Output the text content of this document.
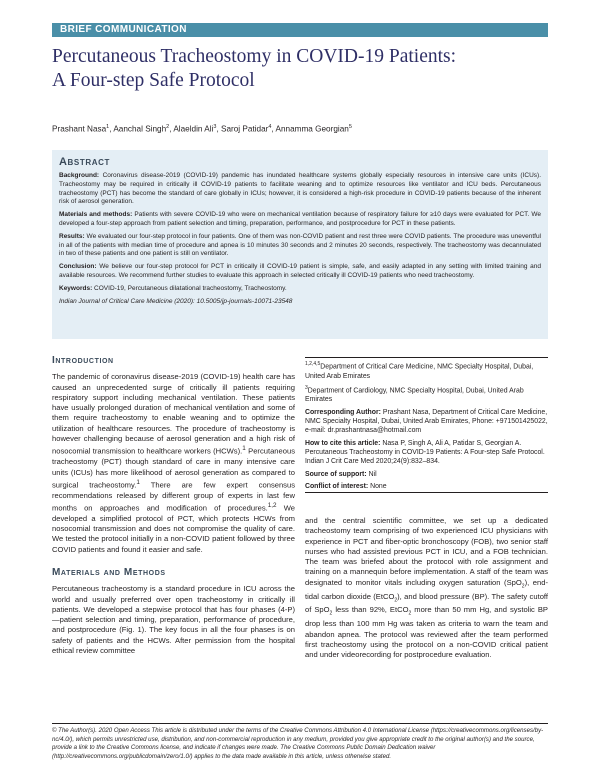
BRIEF COMMUNICATION
Percutaneous Tracheostomy in COVID-19 Patients:
A Four-step Safe Protocol
Prashant Nasa$^1$, Aanchal Singh$^2$, Alaeldin Ali$^3$, Saroj Patidar$^4$, Annamma Georgian$^5$
Abstract

Background: Coronavirus disease-2019 (COVID-19) pandemic has inundated healthcare systems globally especially resources in intensive care units (ICUs). Tracheostomy may be required in critically ill COVID-19 patients to facilitate weaning and to optimize resources like ventilator and ICU beds. Percutaneous tracheostomy (PCT) has become the standard of care globally in ICUs; however, it is considered a high-risk procedure in COVID-19 patients because of the inherent risk of aerosol generation.

Materials and methods: Patients with severe COVID-19 who were on mechanical ventilation because of respiratory failure for ≥10 days were evaluated for PCT. We developed a four-step approach from patient selection and timing, preparation, performance, and postprocedure for PCT in these patients.

Results: We evaluated our four-step protocol in four patients. One of them was non-COVID patient and rest three were COVID patients. The procedure was uneventful in all of the patients with median time of procedure and apnea is 10 minutes 30 seconds and 2 minutes 20 seconds, respectively. The tracheostomy was decannulated in two of these patients and one patient is still on ventilator.

Conclusion: We believe our four-step protocol for PCT in critically ill COVID-19 patient is simple, safe, and easily adapted in any setting with limited training and available resources. We recommend further studies to evaluate this approach in selected critically ill COVID-19 patients who need tracheostomy.

Keywords: COVID-19, Percutaneous dilatational tracheostomy, Tracheostomy.

Indian Journal of Critical Care Medicine (2020): 10.5005/jp-journals-10071-23548

Introduction

The pandemic of coronavirus disease-2019 (COVID-19) health care has caused an unprecedented surge of critically ill patients requiring respiratory support including mechanical ventilation. These patients have usually prolonged duration of mechanical ventilation and some of them require tracheostomy to enable weaning and to optimize the utilization of healthcare resources. The procedure of tracheostomy is however challenging because of aerosol generation and a high risk of nosocomial transmission to healthcare workers (HCWs).$^1$ Percutaneous tracheostomy (PCT) though standard of care in many intensive care units (ICUs) has more likelihood of aerosol generation as compared to surgical tracheostomy.$^1$ There are few expert consensus recommendations released by different group of experts in last few months on approaches and modification of procedures.$^{1,2}$ We developed a simplified protocol of PCT, which protects HCWs from nosocomial transmission and does not compromise the quality of care. We tested the protocol initially in a non-COVID patient followed by three COVID patients and found it easier and safe.

Materials and Methods

Percutaneous tracheostomy is a standard procedure in ICU across the world and usually preferred over open tracheostomy in critically ill patients. We developed a stepwise protocol that has four phases (4-P)—patient selection and timing, preparation, performance of procedure, and postprocedure (Fig. 1). The key focus in all the four phases is on safety of patients and the HCWs. After permission from the hospital ethical review committee

$^{1,2,4,5}$Department of Critical Care Medicine, NMC Specialty Hospital, Dubai, United Arab Emirates

$^3$Department of Cardiology, NMC Specialty Hospital, Dubai, United Arab Emirates

Corresponding Author: Prashant Nasa, Department of Critical Care Medicine, NMC Specialty Hospital, Dubai, United Arab Emirates, Phone: +971501425022, e-mail: dr.prashantnasa@hotmail.com

How to cite this article: Nasa P, Singh A, Ali A, Patidar S, Georgian A. Percutaneous Tracheostomy in COVID-19 Patients: A Four-step Safe Protocol. Indian J Crit Care Med 2020;24(9):832–834.

Source of support: Nil

Conflict of interest: None

and the central scientific committee, we set up a dedicated tracheostomy team comprising of two experienced ICU physicians with experience in PCT and fiber-optic bronchoscopy (FOB), two senior staff nurses who had assisted previous PCT in ICU, and a FOB technician. The team was briefed about the protocol with role assignment and training on a mannequin before implementation. A staff of the team was designated to monitor vitals including oxygen saturation (SpO$_2$), end-tidal carbon dioxide (EtCO$_2$), and blood pressure (BP). The safety cutoff of SpO$_2$ less than 92%, EtCO$_2$ more than 50 mm Hg, and systolic BP drop less than 100 mm Hg was taken as criteria to warn the team and abandon apnea. The protocol was reviewed after the team performed first tracheostomy using the protocol on a non-COVID critical patient and under videorecording for postprocedure evaluation.

© The Author(s). 2020 Open Access This article is distributed under the terms of the Creative Commons Attribution 4.0 International License (https://creativecommons.org/licenses/by-nc/4.0/), which permits unrestricted use, distribution, and non-commercial reproduction in any medium, provided you give appropriate credit to the original author(s) and the source, provide a link to the Creative Commons license, and indicate if changes were made. The Creative Commons Public Domain Dedication waiver (http://creativecommons.org/publicdomain/zero/1.0/) applies to the data made available in this article, unless otherwise stated.
